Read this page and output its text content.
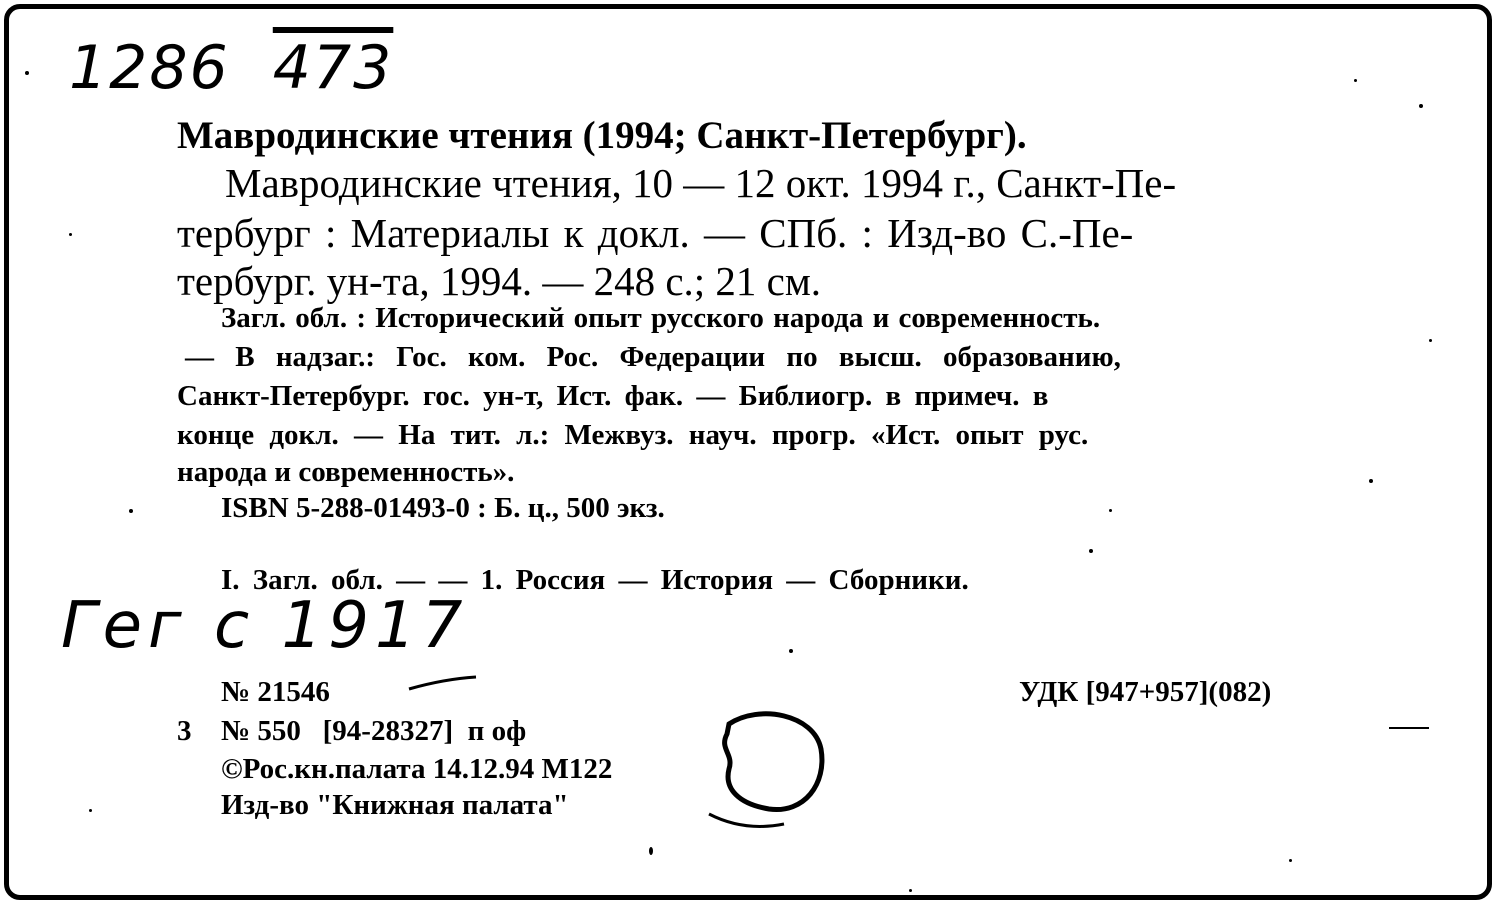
1286 473
Мавродинские чтения (1994; Санкт-Петербург).
Мавродинские чтения, 10 — 12 окт. 1994 г., Санкт-Пе-
тербург : Материалы к докл. — СПб. : Изд-во С.-Пе-
тербург. ун-та, 1994. — 248 с.; 21 см.
Загл. обл. : Исторический опыт русского народа и современность.
— В надзаг.: Гос. ком. Рос. Федерации по высш. образованию,
Санкт-Петербург. гос. ун-т, Ист. фак. — Библиогр. в примеч. в
конце докл. — На тит. л.: Межвуз. науч. прогр. «Ист. опыт рус.
народа и современность».
ISBN 5-288-01493-0 : Б. ц., 500 экз.
I. Загл. обл. — — 1. Россия — История — Сборники.
Гег с 1917
№ 21546	УДК [947+957](082)
3 № 550   [94-28327]  п оф
©Рос.кн.палата 14.12.94 М122
Изд-во "Книжная палата"
